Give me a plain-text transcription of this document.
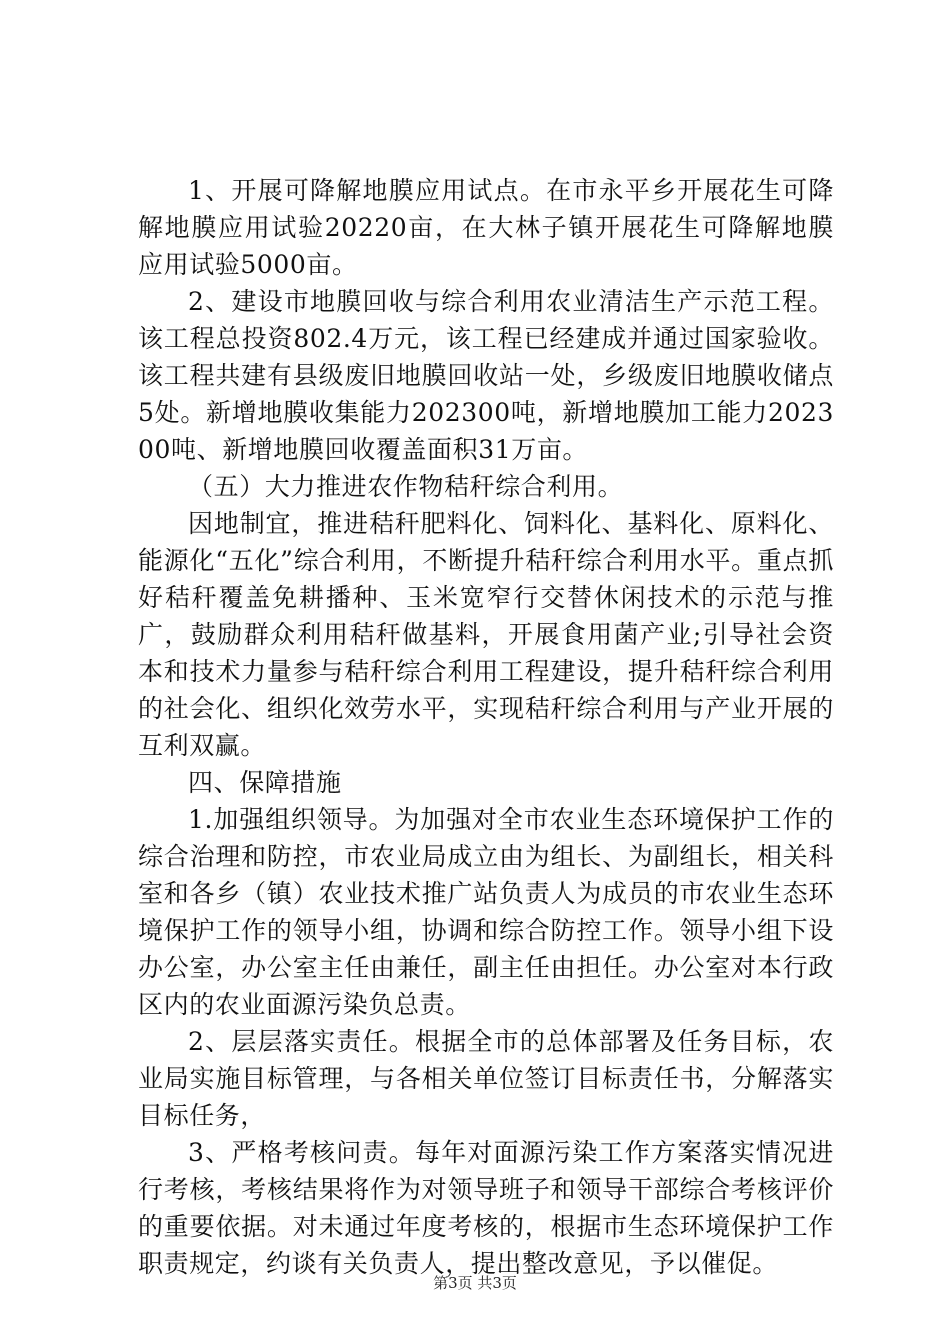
1、开展可降解地膜应用试点。在市永平乡开展花生可降解地膜应用试验20220亩，在大林子镇开展花生可降解地膜应用试验5000亩。

2、建设市地膜回收与综合利用农业清洁生产示范工程。该工程总投资802.4万元，该工程已经建成并通过国家验收。该工程共建有县级废旧地膜回收站一处，乡级废旧地膜收储点5处。新增地膜收集能力202300吨，新增地膜加工能力202300吨、新增地膜回收覆盖面积31万亩。

（五）大力推进农作物秸秆综合利用。

因地制宜，推进秸秆肥料化、饲料化、基料化、原料化、能源化“五化”综合利用，不断提升秸秆综合利用水平。重点抓好秸秆覆盖免耕播种、玉米宽窄行交替休闲技术的示范与推广，鼓励群众利用秸秆做基料，开展食用菌产业;引导社会资本和技术力量参与秸秆综合利用工程建设，提升秸秆综合利用的社会化、组织化效劳水平，实现秸秆综合利用与产业开展的互利双赢。

四、保障措施

1.加强组织领导。为加强对全市农业生态环境保护工作的综合治理和防控，市农业局成立由为组长、为副组长，相关科室和各乡（镇）农业技术推广站负责人为成员的市农业生态环境保护工作的领导小组，协调和综合防控工作。领导小组下设办公室，办公室主任由兼任，副主任由担任。办公室对本行政区内的农业面源污染负总责。

2、层层落实责任。根据全市的总体部署及任务目标，农业局实施目标管理，与各相关单位签订目标责任书，分解落实目标任务，

3、严格考核问责。每年对面源污染工作方案落实情况进行考核，考核结果将作为对领导班子和领导干部综合考核评价的重要依据。对未通过年度考核的，根据市生态环境保护工作职责规定，约谈有关负责人，提出整改意见，予以催促。

第3页 共3页
